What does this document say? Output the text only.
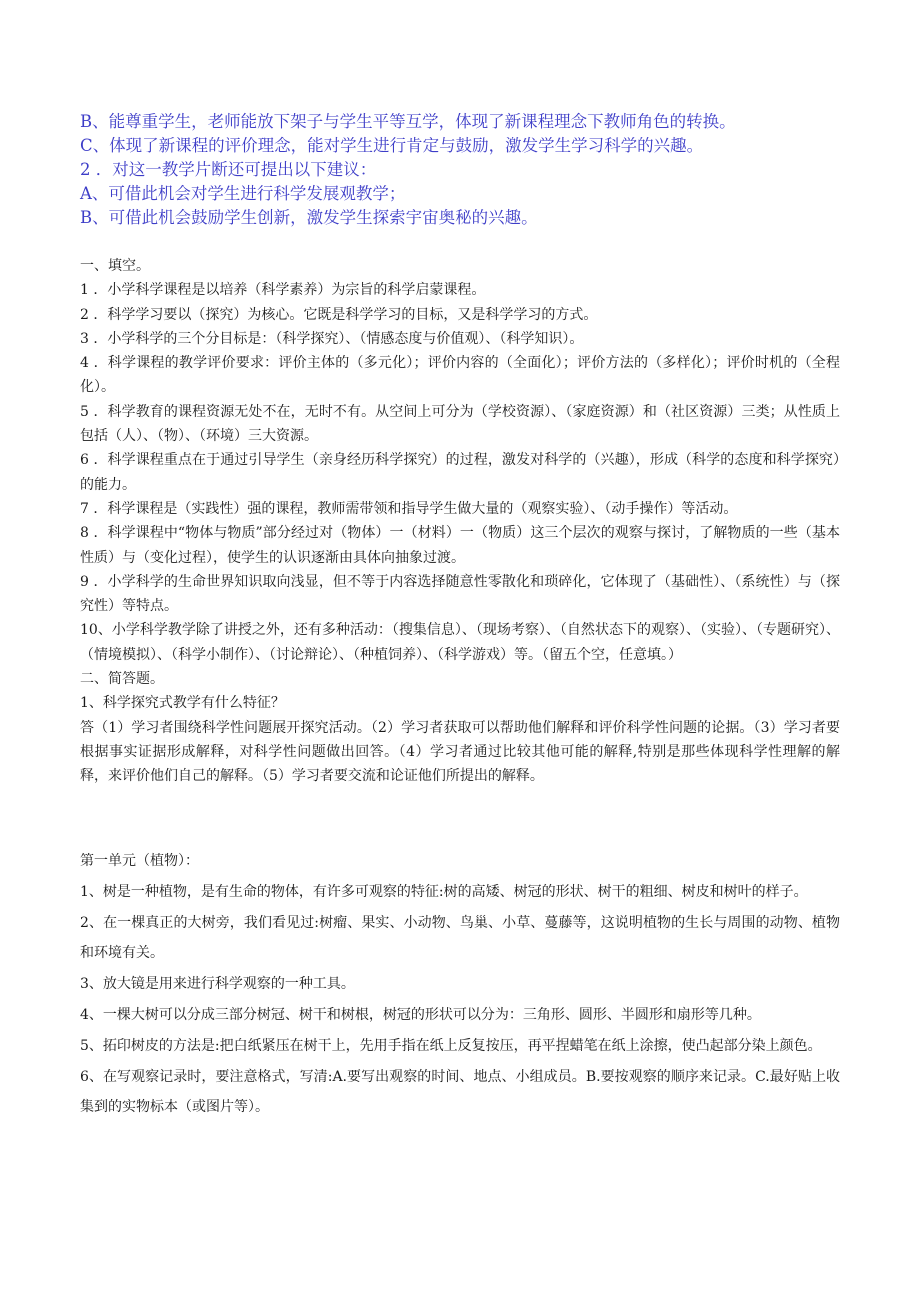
B、能尊重学生，老师能放下架子与学生平等互学，体现了新课程理念下教师角色的转换。
C、体现了新课程的评价理念，能对学生进行肯定与鼓励，激发学生学习科学的兴趣。
2 ．对这一教学片断还可提出以下建议：
A、可借此机会对学生进行科学发展观教学；
B、可借此机会鼓励学生创新，激发学生探索宇宙奥秘的兴趣。

一、填空。

1 ．小学科学课程是以培养（科学素养）为宗旨的科学启蒙课程。

2 ．科学学习要以（探究）为核心。它既是科学学习的目标，又是科学学习的方式。

3 ．小学科学的三个分目标是：（科学探究）、（情感态度与价值观）、（科学知识）。

4 ．科学课程的教学评价要求：评价主体的（多元化）；评价内容的（全面化）；评价方法的（多样化）；评价时机的（全程化）。

5 ．科学教育的课程资源无处不在，无时不有。从空间上可分为（学校资源）、（家庭资源）和（社区资源）三类；从性质上包括（人）、（物）、（环境）三大资源。

6 ．科学课程重点在于通过引导学生（亲身经历科学探究）的过程，激发对科学的（兴趣），形成（科学的态度和科学探究）的能力。

7 ．科学课程是（实践性）强的课程，教师需带领和指导学生做大量的（观察实验）、（动手操作）等活动。

8 ．科学课程中“物体与物质”部分经过对（物体）一（材料）一（物质）这三个层次的观察与探讨，了解物质的一些（基本性质）与（变化过程），使学生的认识逐渐由具体向抽象过渡。

9 ．小学科学的生命世界知识取向浅显，但不等于内容选择随意性零散化和琐碎化，它体现了（基础性）、（系统性）与（探究性）等特点。

10、小学科学教学除了讲授之外，还有多种活动：（搜集信息）、（现场考察）、（自然状态下的观察）、（实验）、（专题研究）、（情境模拟）、（科学小制作）、（讨论辩论）、（种植饲养）、（科学游戏）等。（留五个空，任意填。）

二、简答题。

1、科学探究式教学有什么特征？

答（1）学习者围绕科学性问题展开探究活动。（2）学习者获取可以帮助他们解释和评价科学性问题的论据。（3）学习者要根据事实证据形成解释，对科学性问题做出回答。（4）学习者通过比较其他可能的解释,特别是那些体现科学性理解的解释，来评价他们自己的解释。（5）学习者要交流和论证他们所提出的解释。

第一单元（植物）：

1、树是一种植物，是有生命的物体，有许多可观察的特征:树的高矮、树冠的形状、树干的粗细、树皮和树叶的样子。

2、在一棵真正的大树旁，我们看见过:树瘤、果实、小动物、鸟巢、小草、蔓藤等，这说明植物的生长与周围的动物、植物和环境有关。

3、放大镜是用来进行科学观察的一种工具。

4、一棵大树可以分成三部分树冠、树干和树根，树冠的形状可以分为：三角形、圆形、半圆形和扇形等几种。

5、拓印树皮的方法是:把白纸紧压在树干上，先用手指在纸上反复按压，再平捏蜡笔在纸上涂擦，使凸起部分染上颜色。

6、在写观察记录时，要注意格式，写清:A.要写出观察的时间、地点、小组成员。B.要按观察的顺序来记录。C.最好贴上收集到的实物标本（或图片等）。
